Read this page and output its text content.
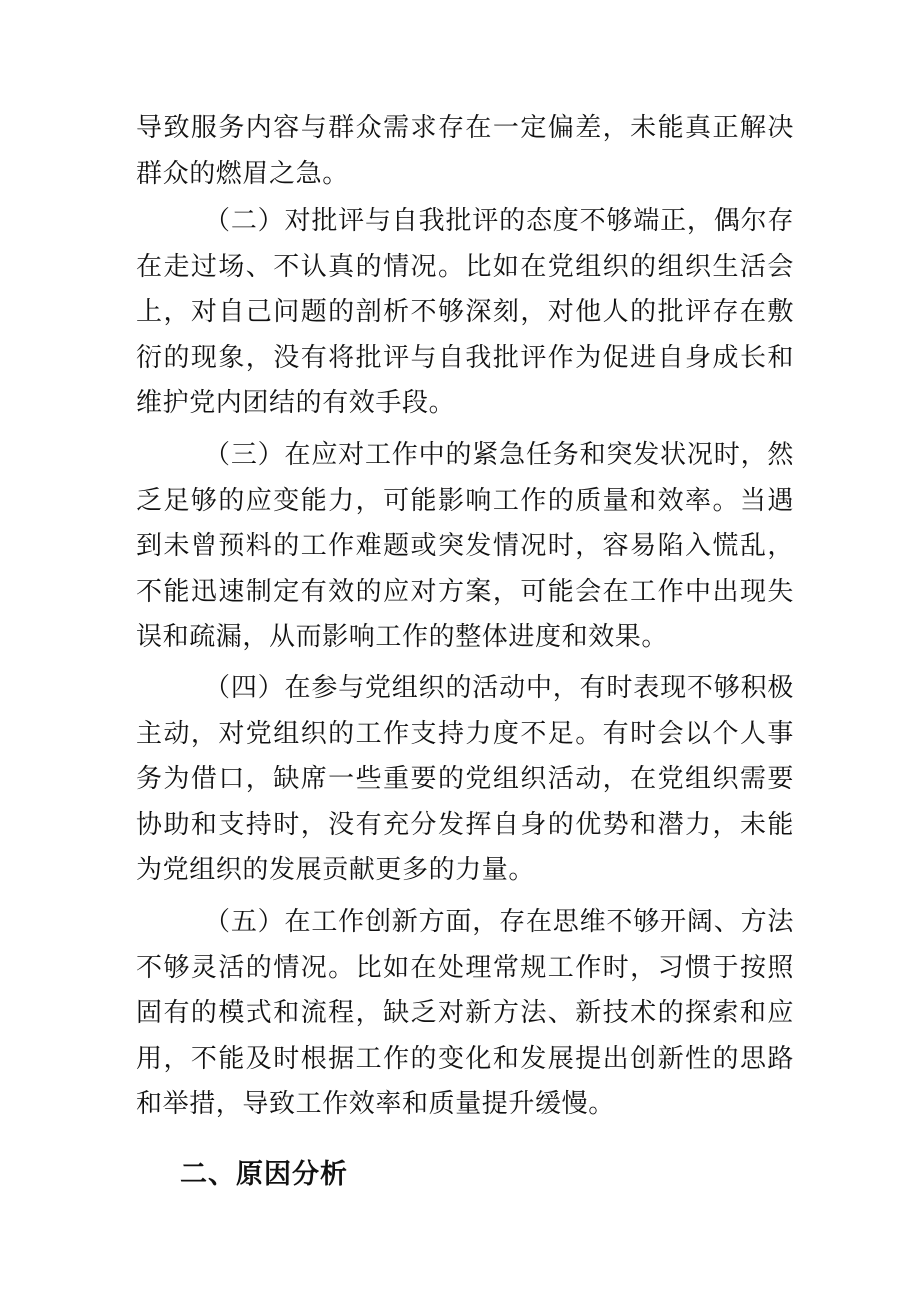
导致服务内容与群众需求存在一定偏差，未能真正解决群众的燃眉之急。

（二）对批评与自我批评的态度不够端正，偶尔存在走过场、不认真的情况。比如在党组织的组织生活会上，对自己问题的剖析不够深刻，对他人的批评存在敷衍的现象，没有将批评与自我批评作为促进自身成长和维护党内团结的有效手段。

（三）在应对工作中的紧急任务和突发状况时，然乏足够的应变能力，可能影响工作的质量和效率。当遇到未曾预料的工作难题或突发情况时，容易陷入慌乱，不能迅速制定有效的应对方案，可能会在工作中出现失误和疏漏，从而影响工作的整体进度和效果。

（四）在参与党组织的活动中，有时表现不够积极主动，对党组织的工作支持力度不足。有时会以个人事务为借口，缺席一些重要的党组织活动，在党组织需要协助和支持时，没有充分发挥自身的优势和潜力，未能为党组织的发展贡献更多的力量。

（五）在工作创新方面，存在思维不够开阔、方法不够灵活的情况。比如在处理常规工作时，习惯于按照固有的模式和流程，缺乏对新方法、新技术的探索和应用，不能及时根据工作的变化和发展提出创新性的思路和举措，导致工作效率和质量提升缓慢。

二、原因分析
